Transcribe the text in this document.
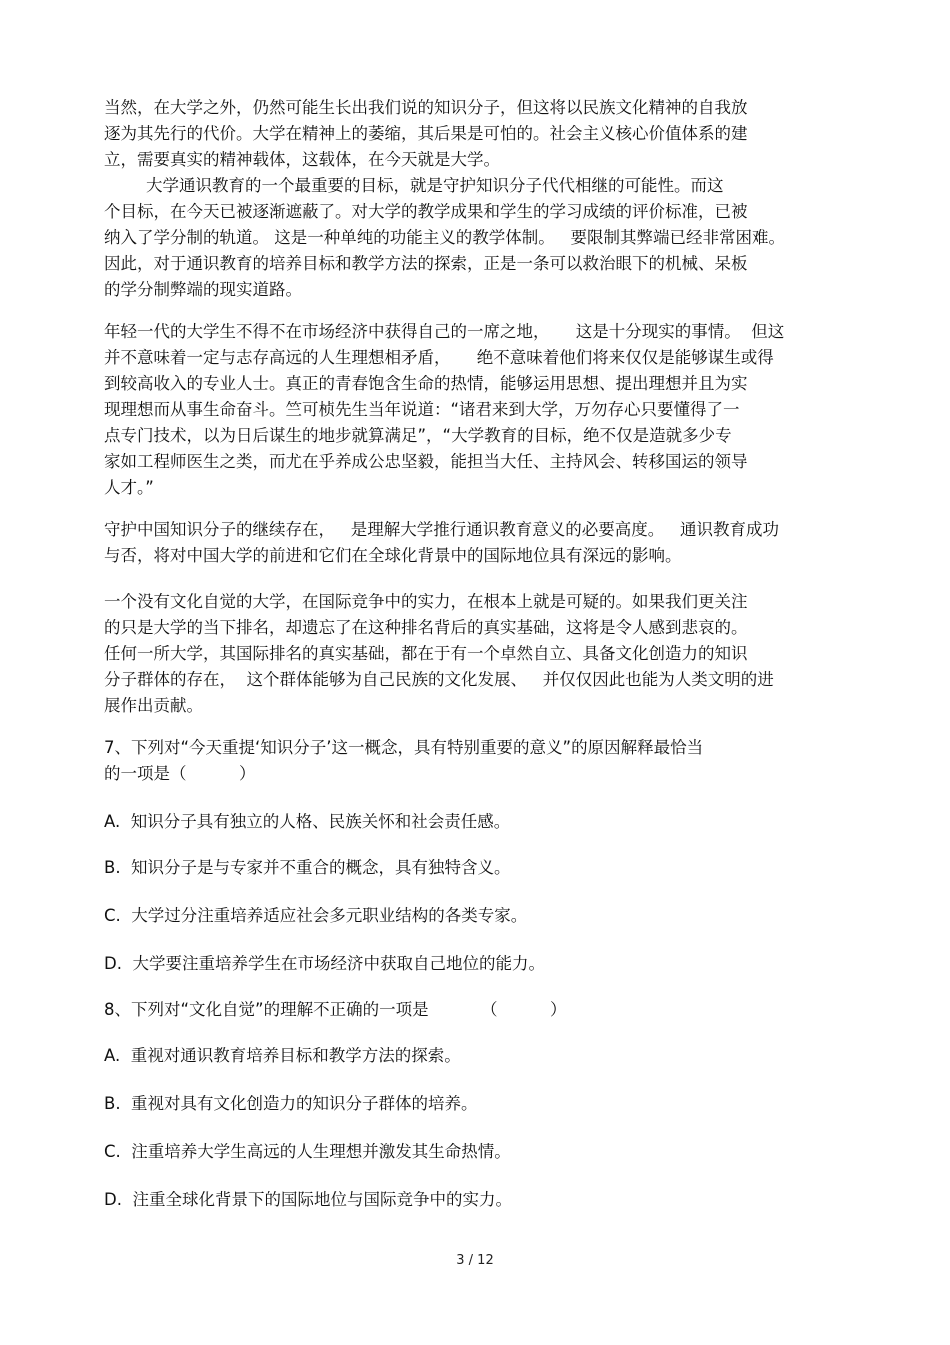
当然，在大学之外，仍然可能生长出我们说的知识分子，但这将以民族文化精神的自我放

逐为其先行的代价。大学在精神上的萎缩，其后果是可怕的。社会主义核心价值体系的建

立，需要真实的精神载体，这载体，在今天就是大学。

大学通识教育的一个最重要的目标，就是守护知识分子代代相继的可能性。而这

个目标，在今天已被逐渐遮蔽了。对大学的教学成果和学生的学习成绩的评价标准，已被

纳入了学分制的轨道。 这是一种单纯的功能主义的教学体制。   要限制其弊端已经非常困难。

因此，对于通识教育的培养目标和教学方法的探索，正是一条可以救治眼下的机械、呆板

的学分制弊端的现实道路。

年轻一代的大学生不得不在市场经济中获得自己的一席之地，     这是十分现实的事情。  但这

并不意味着一定与志存高远的人生理想相矛盾，     绝不意味着他们将来仅仅是能够谋生或得

到较高收入的专业人士。真正的青春饱含生命的热情，能够运用思想、提出理想并且为实

现理想而从事生命奋斗。竺可桢先生当年说道：“诸君来到大学，万勿存心只要懂得了一

点专门技术，以为日后谋生的地步就算满足”，“大学教育的目标，绝不仅是造就多少专

家如工程师医生之类，而尤在乎养成公忠坚毅，能担当大任、主持风会、转移国运的领导

人才。”

守护中国知识分子的继续存在，   是理解大学推行通识教育意义的必要高度。   通识教育成功

与否，将对中国大学的前进和它们在全球化背景中的国际地位具有深远的影响。

一个没有文化自觉的大学，在国际竞争中的实力，在根本上就是可疑的。如果我们更关注

的只是大学的当下排名，却遗忘了在这种排名背后的真实基础，这将是令人感到悲哀的。

任何一所大学，其国际排名的真实基础，都在于有一个卓然自立、具备文化创造力的知识

分子群体的存在，  这个群体能够为自己民族的文化发展、   并仅仅因此也能为人类文明的进

展作出贡献。

7、下列对“今天重提‘知识分子’这一概念，具有特别重要的意义”的原因解释最恰当

的一项是（          ）

A.  知识分子具有独立的人格、民族关怀和社会责任感。

B.  知识分子是与专家并不重合的概念，具有独特含义。

C.  大学过分注重培养适应社会多元职业结构的各类专家。

D.  大学要注重培养学生在市场经济中获取自己地位的能力。

8、下列对“文化自觉”的理解不正确的一项是          （          ）

A.  重视对通识教育培养目标和教学方法的探索。

B.  重视对具有文化创造力的知识分子群体的培养。

C.  注重培养大学生高远的人生理想并激发其生命热情。

D.  注重全球化背景下的国际地位与国际竞争中的实力。

3 / 12
